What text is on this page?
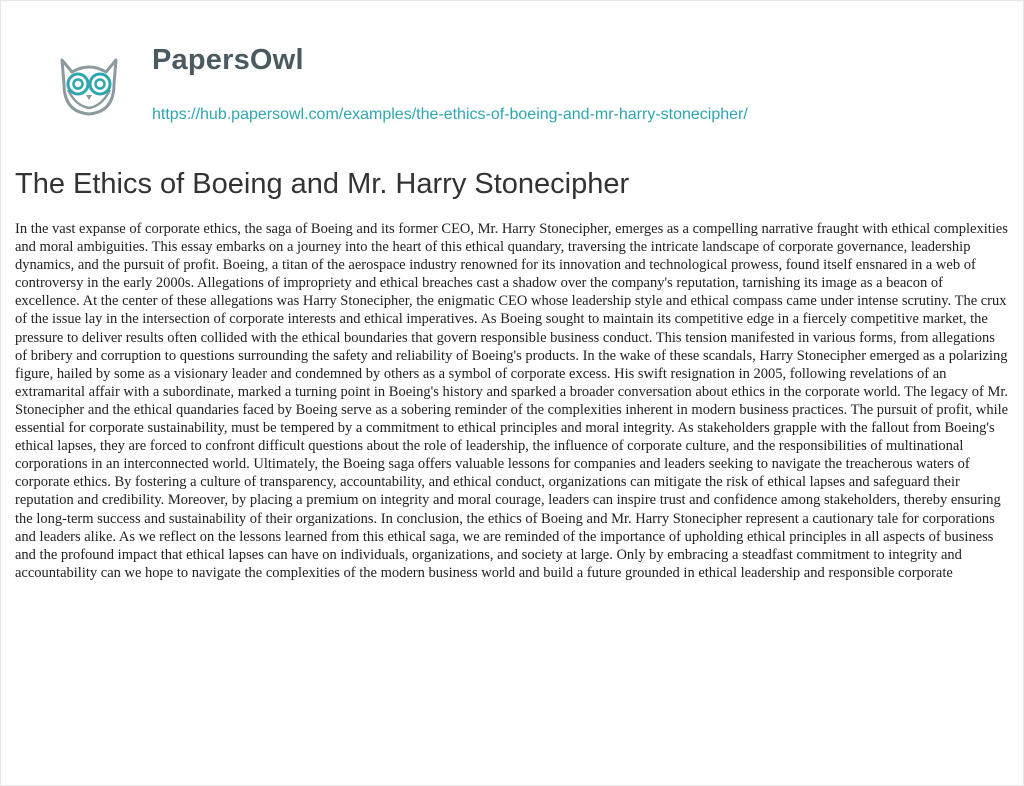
PapersOwl
https://hub.papersowl.com/examples/the-ethics-of-boeing-and-mr-harry-stonecipher/
The Ethics of Boeing and Mr. Harry Stonecipher

In the vast expanse of corporate ethics, the saga of Boeing and its former CEO, Mr. Harry Stonecipher, emerges as a compelling narrative fraught with ethical complexities and moral ambiguities. This essay embarks on a journey into the heart of this ethical quandary, traversing the intricate landscape of corporate governance, leadership dynamics, and the pursuit of profit. Boeing, a titan of the aerospace industry renowned for its innovation and technological prowess, found itself ensnared in a web of controversy in the early 2000s. Allegations of impropriety and ethical breaches cast a shadow over the company's reputation, tarnishing its image as a beacon of excellence. At the center of these allegations was Harry Stonecipher, the enigmatic CEO whose leadership style and ethical compass came under intense scrutiny. The crux of the issue lay in the intersection of corporate interests and ethical imperatives. As Boeing sought to maintain its competitive edge in a fiercely competitive market, the pressure to deliver results often collided with the ethical boundaries that govern responsible business conduct. This tension manifested in various forms, from allegations of bribery and corruption to questions surrounding the safety and reliability of Boeing's products. In the wake of these scandals, Harry Stonecipher emerged as a polarizing figure, hailed by some as a visionary leader and condemned by others as a symbol of corporate excess. His swift resignation in 2005, following revelations of an extramarital affair with a subordinate, marked a turning point in Boeing's history and sparked a broader conversation about ethics in the corporate world. The legacy of Mr. Stonecipher and the ethical quandaries faced by Boeing serve as a sobering reminder of the complexities inherent in modern business practices. The pursuit of profit, while essential for corporate sustainability, must be tempered by a commitment to ethical principles and moral integrity. As stakeholders grapple with the fallout from Boeing's ethical lapses, they are forced to confront difficult questions about the role of leadership, the influence of corporate culture, and the responsibilities of multinational corporations in an interconnected world. Ultimately, the Boeing saga offers valuable lessons for companies and leaders seeking to navigate the treacherous waters of corporate ethics. By fostering a culture of transparency, accountability, and ethical conduct, organizations can mitigate the risk of ethical lapses and safeguard their reputation and credibility. Moreover, by placing a premium on integrity and moral courage, leaders can inspire trust and confidence among stakeholders, thereby ensuring the long-term success and sustainability of their organizations. In conclusion, the ethics of Boeing and Mr. Harry Stonecipher represent a cautionary tale for corporations and leaders alike. As we reflect on the lessons learned from this ethical saga, we are reminded of the importance of upholding ethical principles in all aspects of business and the profound impact that ethical lapses can have on individuals, organizations, and society at large. Only by embracing a steadfast commitment to integrity and accountability can we hope to navigate the complexities of the modern business world and build a future grounded in ethical leadership and responsible corporate
